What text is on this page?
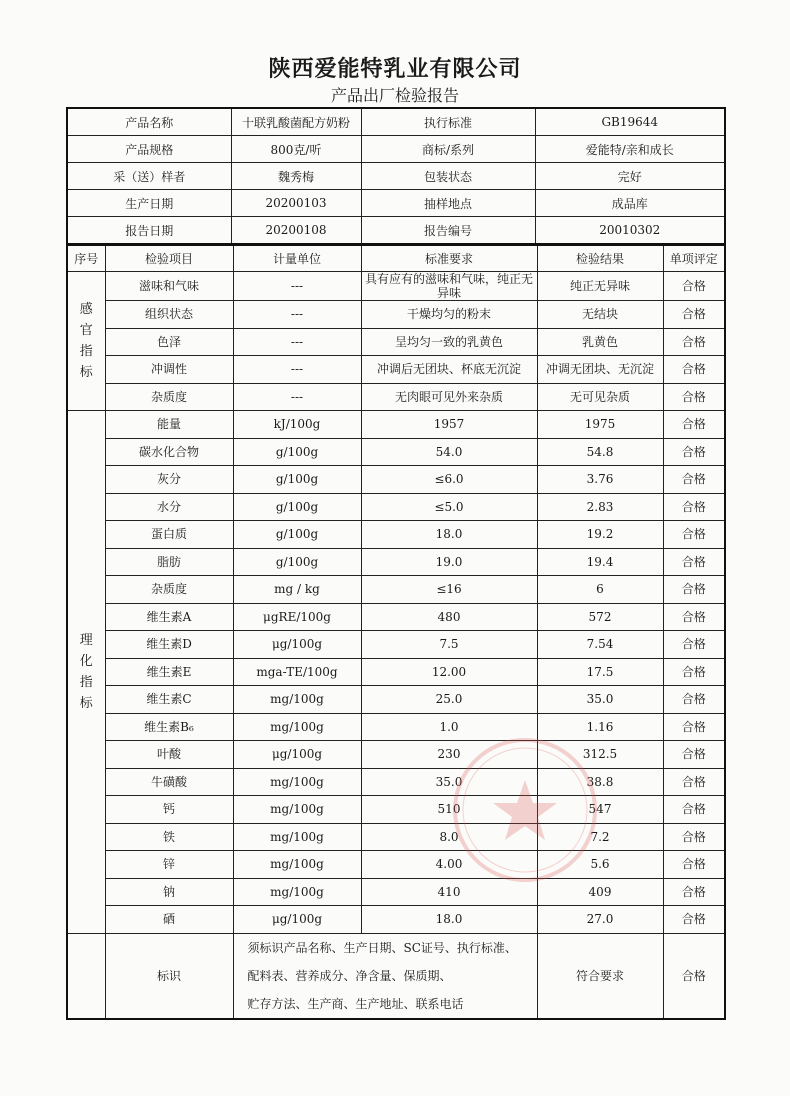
陕西爱能特乳业有限公司
产品出厂检验报告
产品名称	十联乳酸菌配方奶粉	执行标准	GB19644
产品规格	800克/听	商标/系列	爱能特/亲和成长
采（送）样者	魏秀梅	包装状态	完好
生产日期	20200103	抽样地点	成品库
报告日期	20200108	报告编号	20010302
序号	检验项目	计量单位	标准要求	检验结果	单项评定

感官指标	滋味和气味	---	具有应有的滋味和气味，纯正无异味	纯正无异味	合格
	组织状态	---	干燥均匀的粉末	无结块	合格
	色泽	---	呈均匀一致的乳黄色	乳黄色	合格
	冲调性	---	冲调后无团块、杯底无沉淀	冲调无团块、无沉淀	合格
	杂质度	---	无肉眼可见外来杂质	无可见杂质	合格

理化指标	能量	kJ/100g	1957	1975	合格
	碳水化合物	g/100g	54.0	54.8	合格
	灰分	g/100g	≤6.0	3.76	合格
	水分	g/100g	≤5.0	2.83	合格
	蛋白质	g/100g	18.0	19.2	合格
	脂肪	g/100g	19.0	19.4	合格
	杂质度	mg / kg	≤16	6	合格
	维生素A	μgRE/100g	480	572	合格
	维生素D	μg/100g	7.5	7.54	合格
	维生素E	mga-TE/100g	12.00	17.5	合格
	维生素C	mg/100g	25.0	35.0	合格
	维生素B₆	mg/100g	1.0	1.16	合格
	叶酸	μg/100g	230	312.5	合格
	牛磺酸	mg/100g	35.0	38.8	合格
	钙	mg/100g	510	547	合格
	铁	mg/100g	8.0	7.2	合格
	锌	mg/100g	4.00	5.6	合格
	钠	mg/100g	410	409	合格
	硒	μg/100g	18.0	27.0	合格
	标识	须标识产品名称、生产日期、SC证号、执行标准、
配料表、营养成分、净含量、保质期、
贮存方法、生产商、生产地址、联系电话		符合要求	合格
